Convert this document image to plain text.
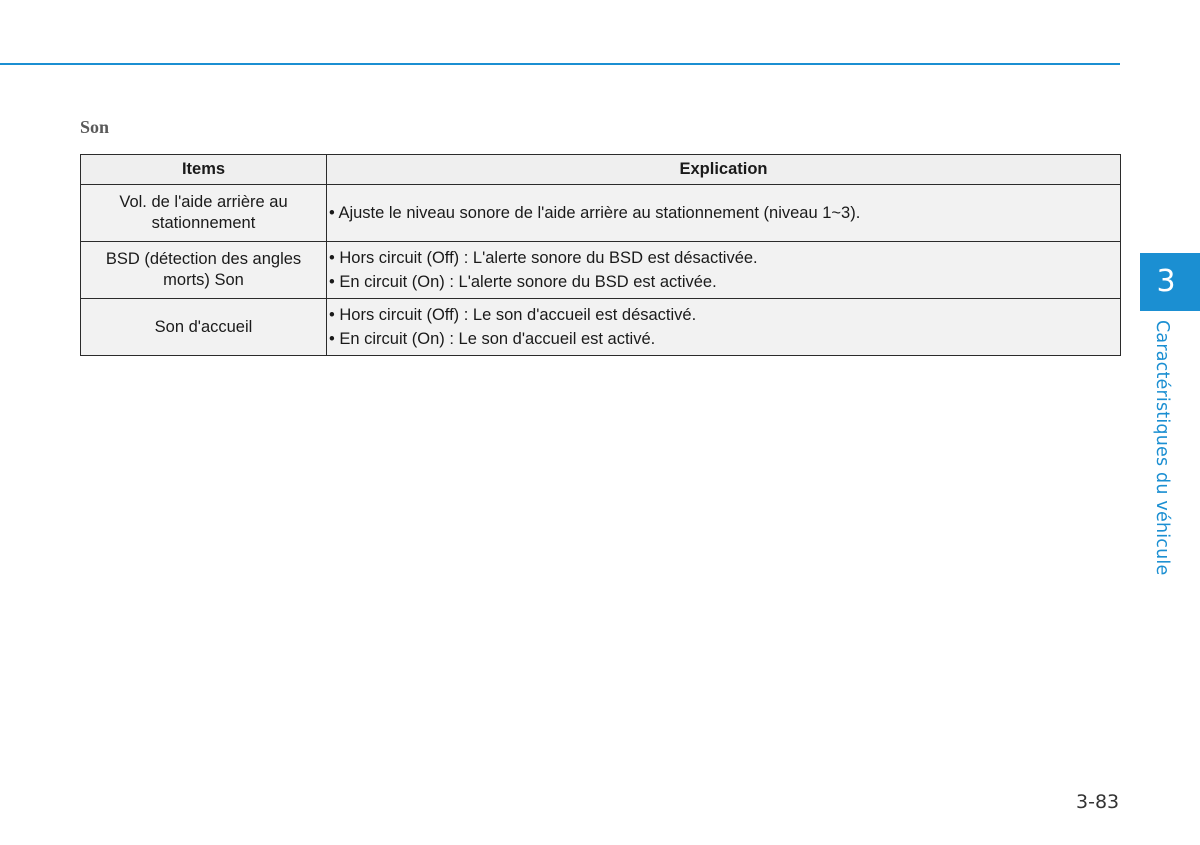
Son
Items	Explication
Vol. de l'aide arrière au stationnement	• Ajuste le niveau sonore de l'aide arrière au stationnement (niveau 1~3).

BSD (détection des angles morts) Son	• Hors circuit (Off) : L'alerte sonore du BSD est désactivée.
• En circuit (On) : L'alerte sonore du BSD est activée.

Son d'accueil	• Hors circuit (Off) : Le son d'accueil est désactivé.
• En circuit (On) : Le son d'accueil est activé.
3
Caractéristiques du véhicule
3-83
